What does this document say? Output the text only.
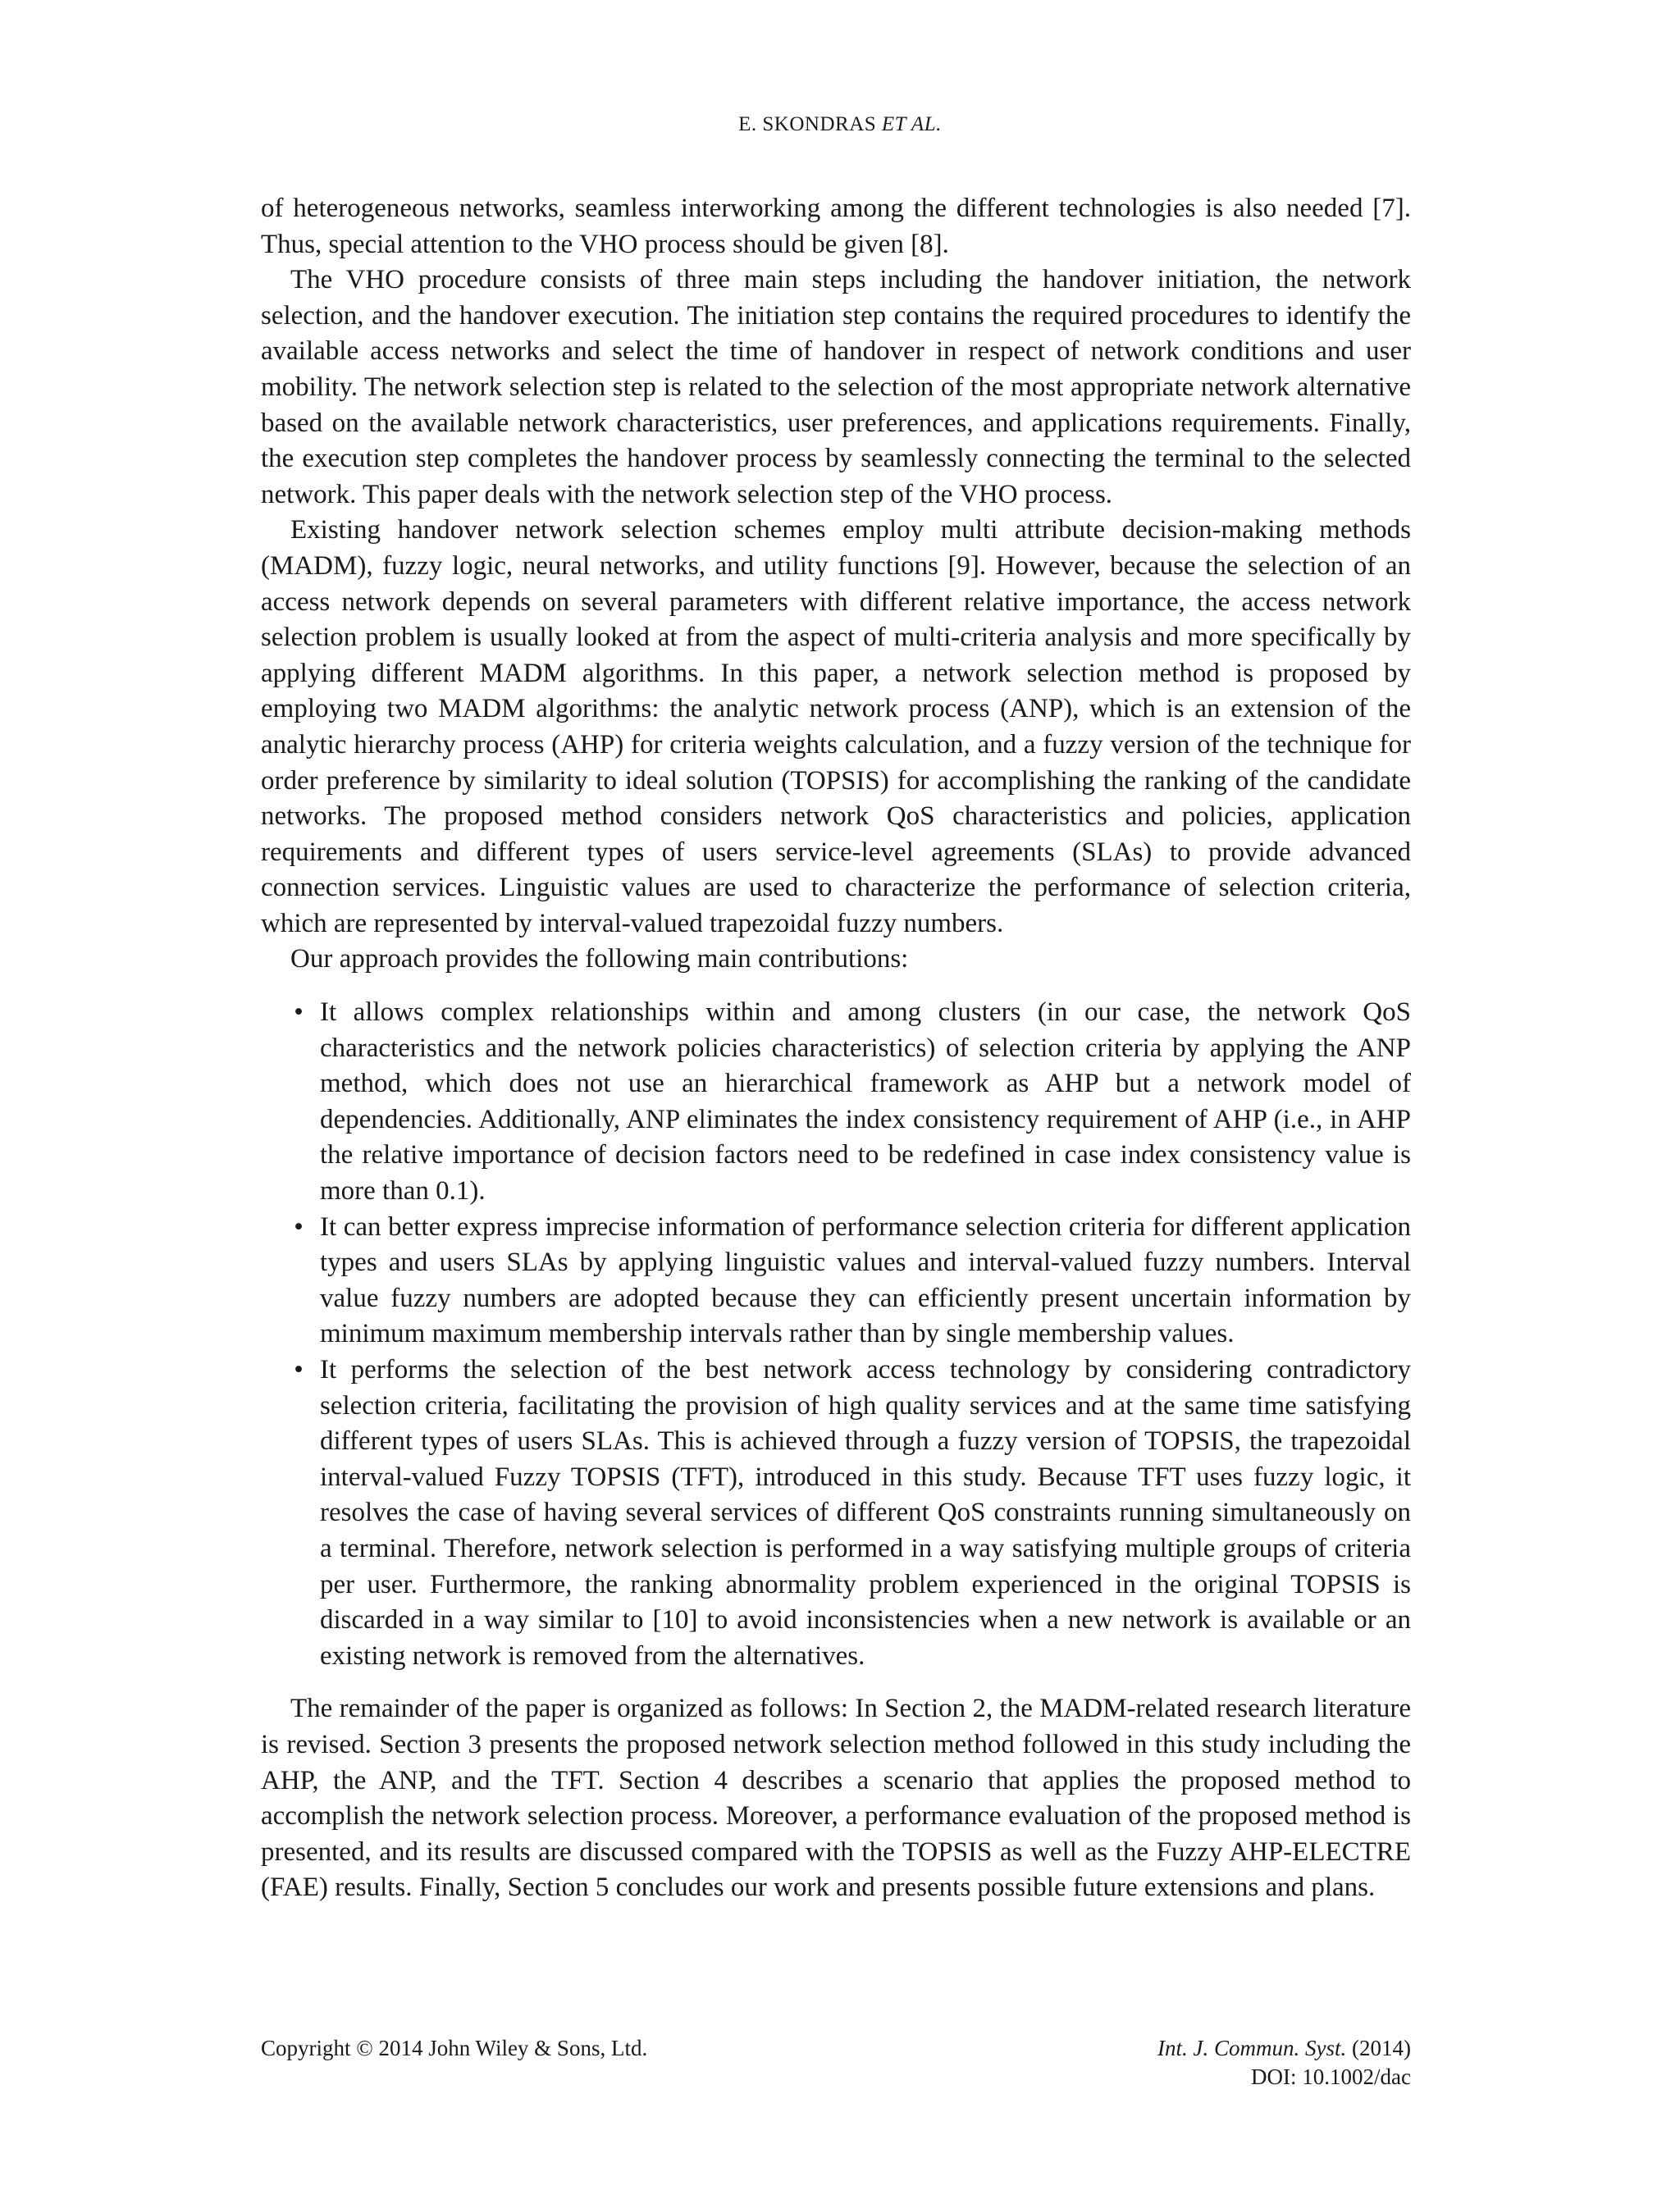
E. SKONDRAS ET AL.

of heterogeneous networks, seamless interworking among the different technologies is also needed [7]. Thus, special attention to the VHO process should be given [8].

The VHO procedure consists of three main steps including the handover initiation, the network selection, and the handover execution. The initiation step contains the required procedures to identify the available access networks and select the time of handover in respect of network conditions and user mobility. The network selection step is related to the selection of the most appropriate network alternative based on the available network characteristics, user preferences, and applications requirements. Finally, the execution step completes the handover process by seamlessly connecting the terminal to the selected network. This paper deals with the network selection step of the VHO process.

Existing handover network selection schemes employ multi attribute decision-making methods (MADM), fuzzy logic, neural networks, and utility functions [9]. However, because the selection of an access network depends on several parameters with different relative importance, the access network selection problem is usually looked at from the aspect of multi-criteria analysis and more specifically by applying different MADM algorithms. In this paper, a network selection method is proposed by employing two MADM algorithms: the analytic network process (ANP), which is an extension of the analytic hierarchy process (AHP) for criteria weights calculation, and a fuzzy version of the technique for order preference by similarity to ideal solution (TOPSIS) for accomplishing the ranking of the candidate networks. The proposed method considers network QoS characteristics and policies, application requirements and different types of users service-level agreements (SLAs) to provide advanced connection services. Linguistic values are used to characterize the performance of selection criteria, which are represented by interval-valued trapezoidal fuzzy numbers.

Our approach provides the following main contributions:

• It allows complex relationships within and among clusters (in our case, the network QoS characteristics and the network policies characteristics) of selection criteria by applying the ANP method, which does not use an hierarchical framework as AHP but a network model of dependencies. Additionally, ANP eliminates the index consistency requirement of AHP (i.e., in AHP the relative importance of decision factors need to be redefined in case index consistency value is more than 0.1).
• It can better express imprecise information of performance selection criteria for different application types and users SLAs by applying linguistic values and interval-valued fuzzy numbers. Interval value fuzzy numbers are adopted because they can efficiently present uncertain information by minimum maximum membership intervals rather than by single membership values.
• It performs the selection of the best network access technology by considering contradictory selection criteria, facilitating the provision of high quality services and at the same time satisfying different types of users SLAs. This is achieved through a fuzzy version of TOPSIS, the trapezoidal interval-valued Fuzzy TOPSIS (TFT), introduced in this study. Because TFT uses fuzzy logic, it resolves the case of having several services of different QoS constraints running simultaneously on a terminal. Therefore, network selection is performed in a way satisfying multiple groups of criteria per user. Furthermore, the ranking abnormality problem experienced in the original TOPSIS is discarded in a way similar to [10] to avoid inconsistencies when a new network is available or an existing network is removed from the alternatives.

The remainder of the paper is organized as follows: In Section 2, the MADM-related research literature is revised. Section 3 presents the proposed network selection method followed in this study including the AHP, the ANP, and the TFT. Section 4 describes a scenario that applies the proposed method to accomplish the network selection process. Moreover, a performance evaluation of the proposed method is presented, and its results are discussed compared with the TOPSIS as well as the Fuzzy AHP-ELECTRE (FAE) results. Finally, Section 5 concludes our work and presents possible future extensions and plans.

Copyright © 2014 John Wiley & Sons, Ltd.	Int. J. Commun. Syst. (2014)
DOI: 10.1002/dac
